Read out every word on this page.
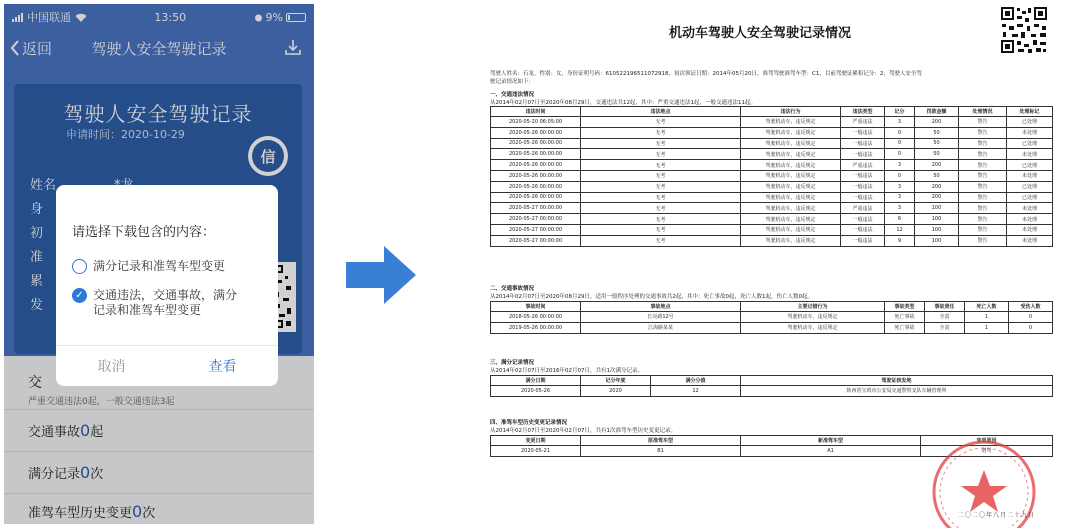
中国联通	13:50	9%
返回	驾驶人安全驾驶记录
驾驶人安全驾驶记录
申请时间：2020-10-29
信
姓名
身
初
准
累
发
交
严重交通违法0起，一般交通违法3起
交通事故0起
满分记录0次
准驾车型历史变更0次
请选择下载包含的内容：
满分记录和准驾车型变更
✓ 交通违法，交通事故，满分
记录和准驾车型变更
取消	查看
机动车驾驶人安全驾驶记录情况
驾驶人姓名：石龙，性别：女，身份证明号码：610522196511072918，初次领证日期：2014年05月20日，准驾驾驶准驾车型：C1，目前驾驶证累积记分：2，驾驶人安全驾
驶记录情况如下：
一、交通违法情况
从2014年02月07日至2020年08月29日，交通违法共12起，其中：严重交通违法1起，一般交通违法11起。
违法时间	违法地点	违法行为	违法类型	记分	罚款金额	处理情况	处理标记
2020-05-20 06:05:00	无考	驾驶机动车，违反规定	严重违法	3	200	警告	已处理
2020-05-26 00:00:00	无考	驾驶机动车，违反规定	一般违法	0	50	警告	未处理
2020-05-26 00:00:00	无考	驾驶机动车，违反规定	一般违法	0	50	警告	已处理
2020-05-26 00:00:00	无考	驾驶机动车，违反规定	一般违法	0	50	警告	未处理
2020-05-26 00:00:00	无考	驾驶机动车，违反规定	严重违法	3	200	警告	已处理
2020-05-26 00:00:00	无考	驾驶机动车，违反规定	一般违法	0	50	警告	未处理
2020-05-26 00:00:00	无考	驾驶机动车，违反规定	一般违法	3	200	警告	已处理
2020-05-26 00:00:00	无考	驾驶机动车，违反规定	一般违法	3	200	警告	已处理
2020-05-27 00:00:00	无考	驾驶机动车，违反规定	严重违法	3	100	警告	未处理
2020-05-27 00:00:00	无考	驾驶机动车，违反规定	一般违法	6	100	警告	未处理
2020-05-27 00:00:00	无考	驾驶机动车，违反规定	一般违法	12	100	警告	未处理
2020-05-27 00:00:00	无考	驾驶机动车，违反规定	一般违法	9	100	警告	未处理
二、交通事故情况
从2014年02月07日至2020年08月29日，适用一般程序处理的交通事故共2起，其中：死亡事故0起，死亡人数1起，伤亡人数0起。
事故时间	事故地点	主要过错行为	事故类型	事故责任	死亡人数	受伤人数
2018-05-26 00:00:00	长亮路12号	驾驶机动车，违反规定	死亡事故	全责	1	0
2019-05-26 00:00:00	江海路某某	驾驶机动车，违反规定	死亡事故	全责	1	0
三、满分记录情况
从2014年02月07日至2016年02月07日，共有1次满分记录。
满分日期	记分年度	满分分值	驾驶证核发地
2020-05-26	2020	12	陕西省宝鸡市公安局交通警察支队车辆管理所
四、准驾车型历史变更记录情况
从2014年02月07日至2020年02月07日，共有1次准驾车型历史变更记录。
变更日期	原准驾车型	新准驾车型	变更原因
2020-05-21	B1	A1	增驾
二〇二〇年八月二十九日
